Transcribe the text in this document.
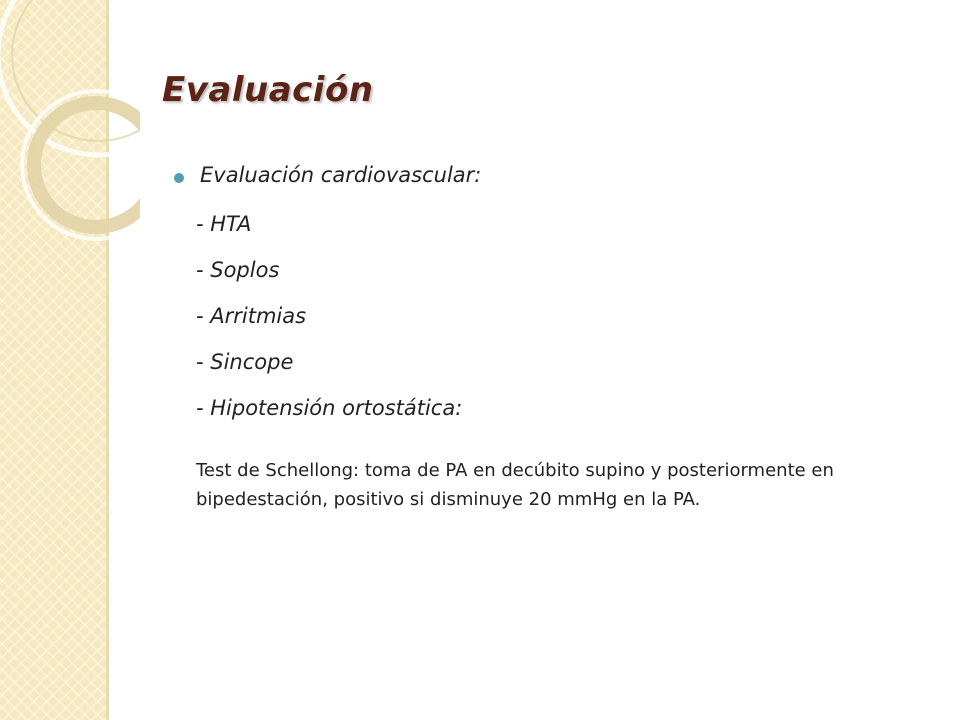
Evaluación

Evaluación cardiovascular:

- HTA

- Soplos

- Arritmias

- Sincope

- Hipotensión ortostática:

Test de Schellong: toma de PA en decúbito supino y posteriormente en bipedestación, positivo si disminuye 20 mmHg en la PA.
